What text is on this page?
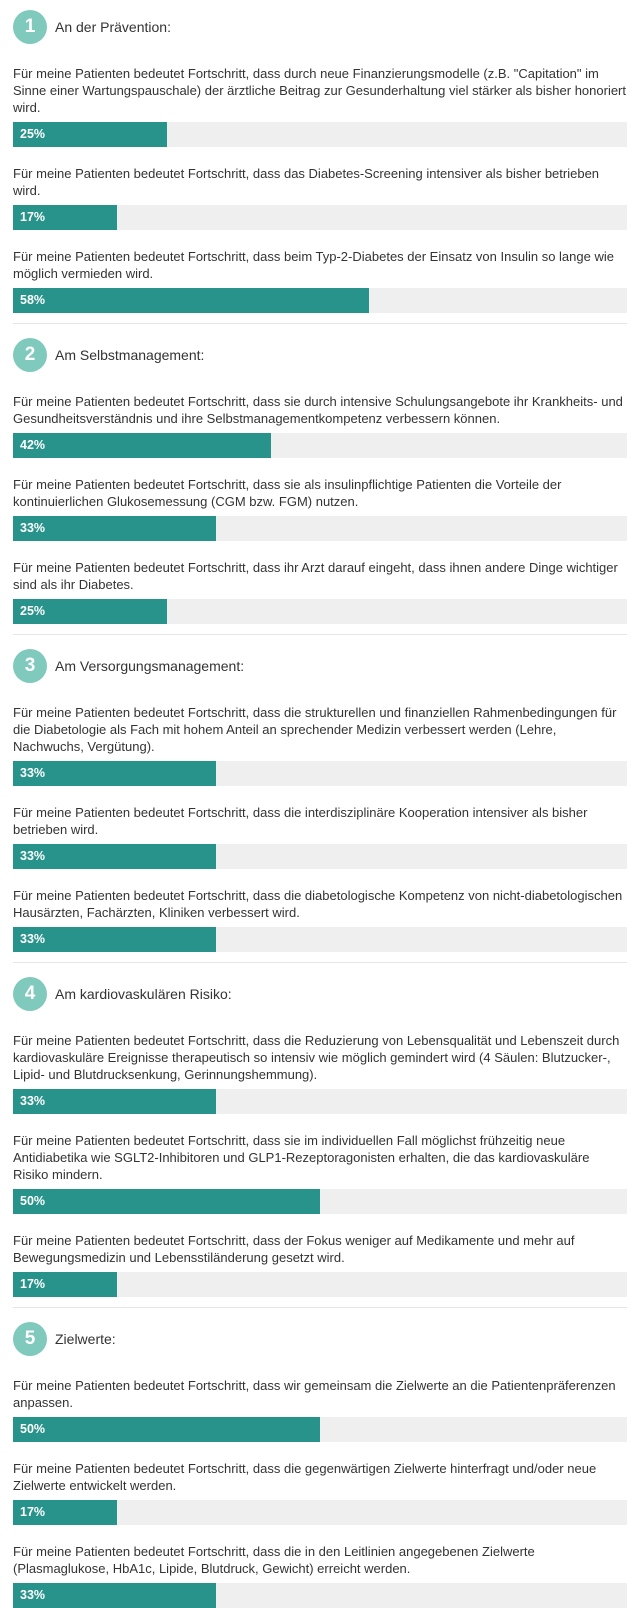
1	An der Prävention:

Für meine Patienten bedeutet Fortschritt, dass durch neue Finanzierungsmodelle (z.B. "Capitation" im Sinne einer Wartungspauschale) der ärztliche Beitrag zur Gesunderhaltung viel stärker als bisher honoriert wird.

25%

Für meine Patienten bedeutet Fortschritt, dass das Diabetes-Screening intensiver als bisher betrieben wird.

17%

Für meine Patienten bedeutet Fortschritt, dass beim Typ-2-Diabetes der Einsatz von Insulin so lange wie möglich vermieden wird.

58%
2	Am Selbstmanagement:

Für meine Patienten bedeutet Fortschritt, dass sie durch intensive Schulungsangebote ihr Krankheits- und Gesundheitsverständnis und ihre Selbstmanagementkompetenz verbessern können.

42%

Für meine Patienten bedeutet Fortschritt, dass sie als insulinpflichtige Patienten die Vorteile der kontinuierlichen Glukosemessung (CGM bzw. FGM) nutzen.

33%

Für meine Patienten bedeutet Fortschritt, dass ihr Arzt darauf eingeht, dass ihnen andere Dinge wichtiger sind als ihr Diabetes.

25%
3	Am Versorgungsmanagement:

Für meine Patienten bedeutet Fortschritt, dass die strukturellen und finanziellen Rahmenbedingungen für die Diabetologie als Fach mit hohem Anteil an sprechender Medizin verbessert werden (Lehre, Nachwuchs, Vergütung).

33%

Für meine Patienten bedeutet Fortschritt, dass die interdisziplinäre Kooperation intensiver als bisher betrieben wird.

33%

Für meine Patienten bedeutet Fortschritt, dass die diabetologische Kompetenz von nicht-diabetologischen Hausärzten, Fachärzten, Kliniken verbessert wird.

33%
4	Am kardiovaskulären Risiko:

Für meine Patienten bedeutet Fortschritt, dass die Reduzierung von Lebensqualität und Lebenszeit durch kardiovaskuläre Ereignisse therapeutisch so intensiv wie möglich gemindert wird (4 Säulen: Blutzucker-, Lipid- und Blutdrucksenkung, Gerinnungshemmung).

33%

Für meine Patienten bedeutet Fortschritt, dass sie im individuellen Fall möglichst frühzeitig neue Antidiabetika wie SGLT2-Inhibitoren und GLP1-Rezeptoragonisten erhalten, die das kardiovaskuläre Risiko mindern.

50%

Für meine Patienten bedeutet Fortschritt, dass der Fokus weniger auf Medikamente und mehr auf Bewegungsmedizin und Lebensstiländerung gesetzt wird.

17%
5	Zielwerte:

Für meine Patienten bedeutet Fortschritt, dass wir gemeinsam die Zielwerte an die Patientenpräferenzen anpassen.

50%

Für meine Patienten bedeutet Fortschritt, dass die gegenwärtigen Zielwerte hinterfragt und/oder neue Zielwerte entwickelt werden.

17%

Für meine Patienten bedeutet Fortschritt, dass die in den Leitlinien angegebenen Zielwerte (Plasmaglukose, HbA1c, Lipide, Blutdruck, Gewicht) erreicht werden.

33%
